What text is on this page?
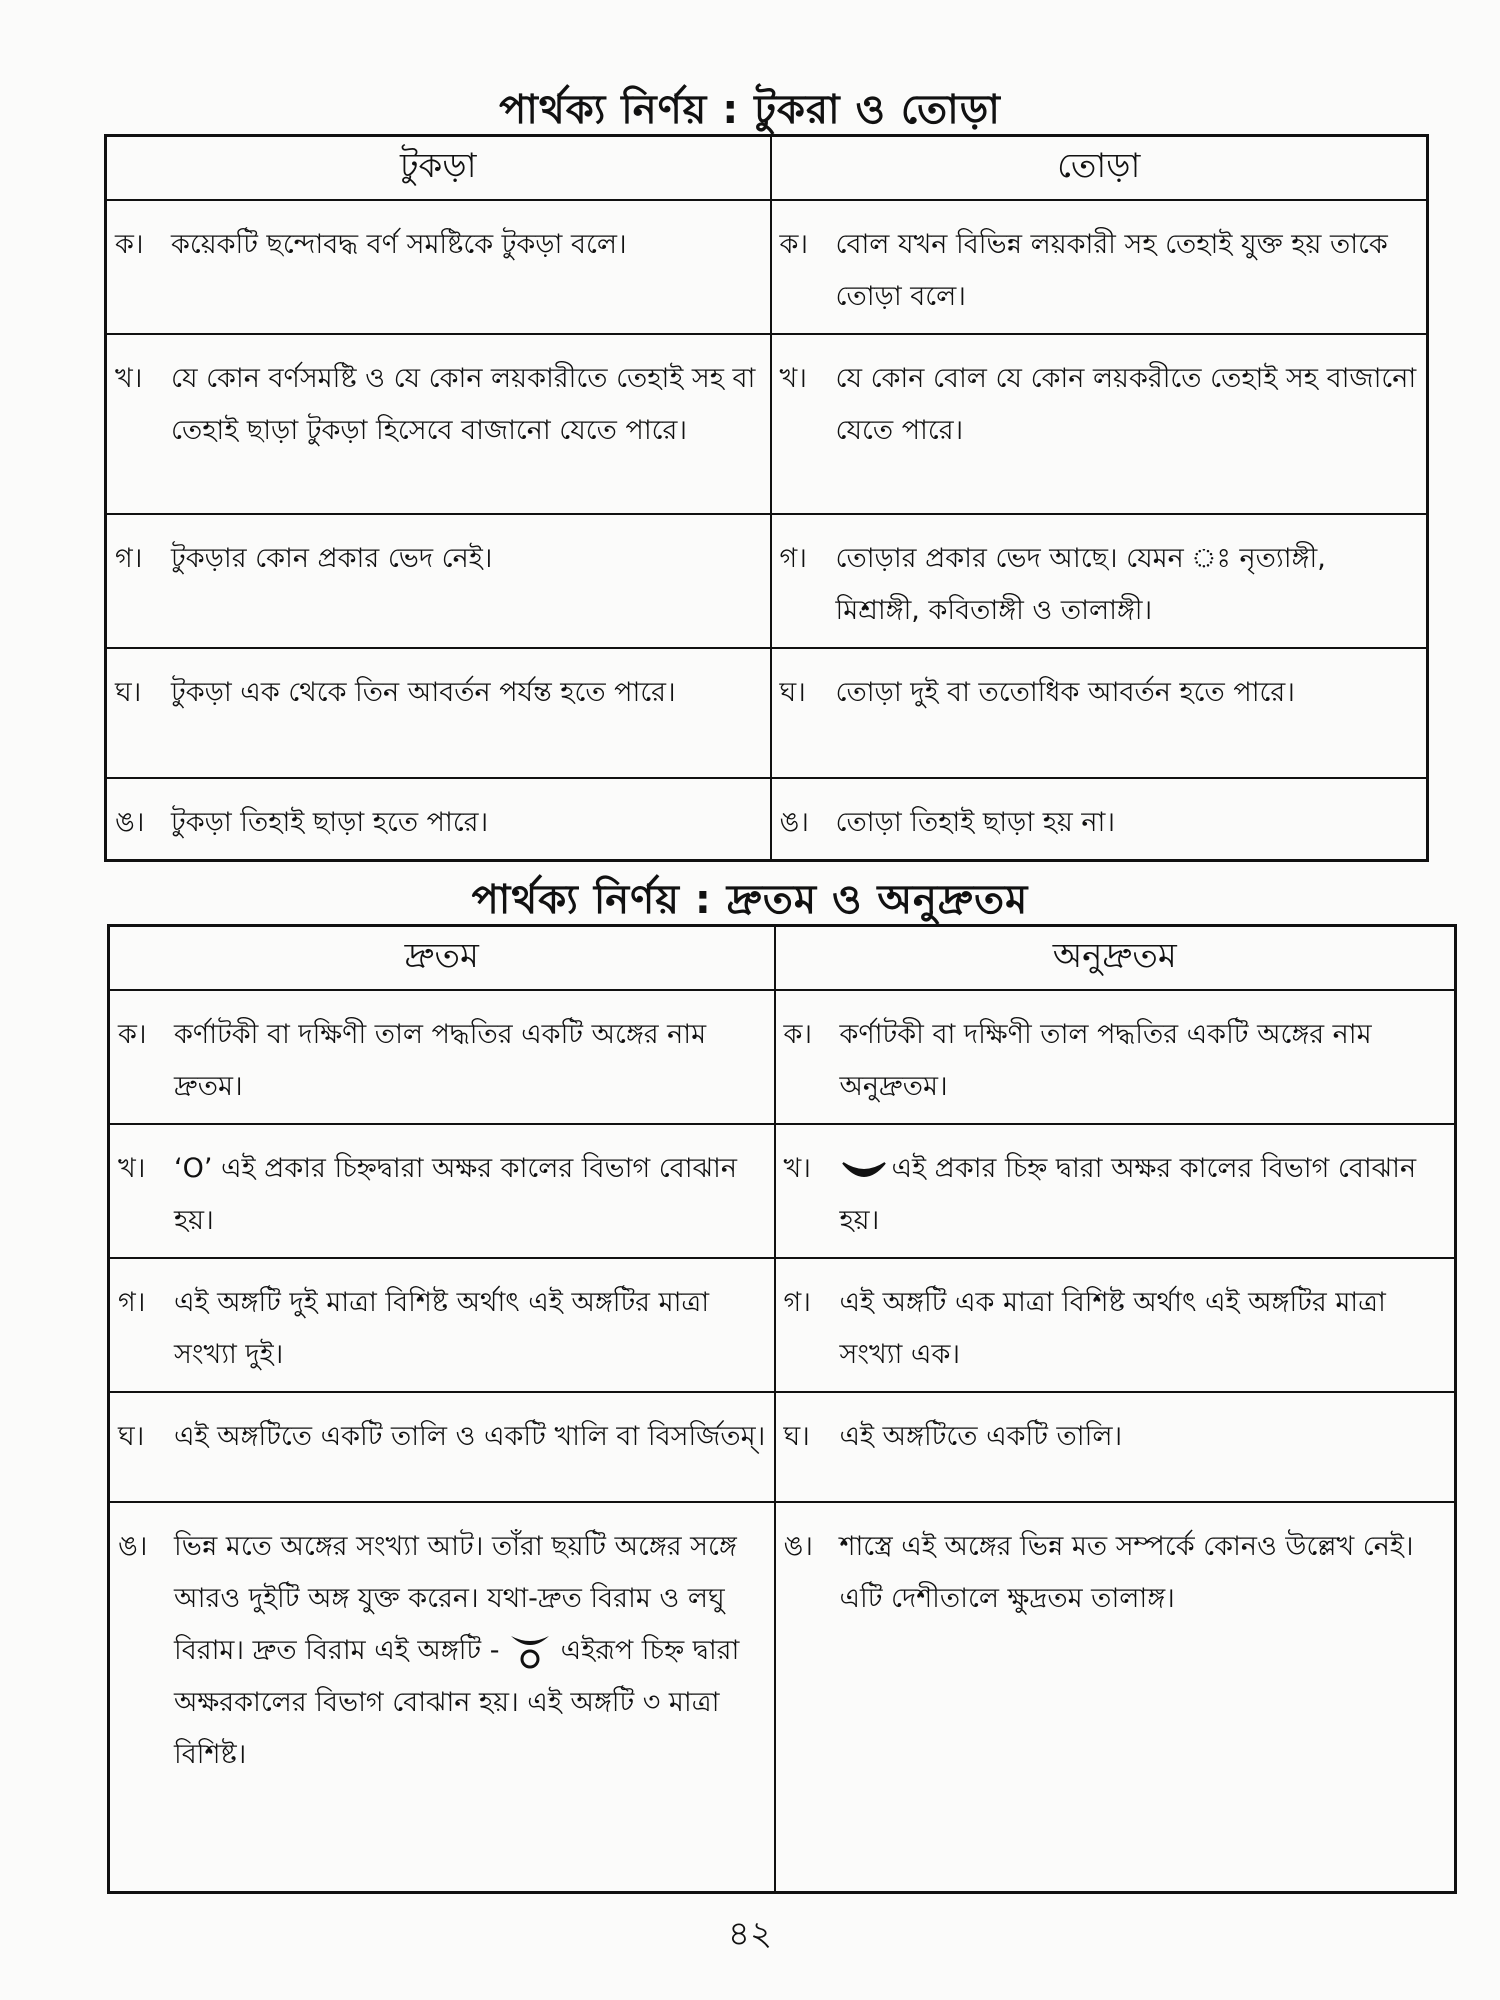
পার্থক্য নির্ণয় : টুকরা ও তোড়া
টুকড়া	তোড়া

ক। কয়েকটি ছন্দোবদ্ধ বর্ণ সমষ্টিকে টুকড়া বলে।	ক। বোল যখন বিভিন্ন লয়কারী সহ তেহাই যুক্ত হয় তাকে তোড়া বলে।

খ। যে কোন বর্ণসমষ্টি ও যে কোন লয়কারীতে তেহাই সহ বা তেহাই ছাড়া টুকড়া হিসেবে বাজানো যেতে পারে।	খ। যে কোন বোল যে কোন লয়করীতে তেহাই সহ বাজানো যেতে পারে।

গ। টুকড়ার কোন প্রকার ভেদ নেই।	গ। তোড়ার প্রকার ভেদ আছে। যেমন ঃ নৃত্যাঙ্গী, মিশ্রাঙ্গী, কবিতাঙ্গী ও তালাঙ্গী।

ঘ। টুকড়া এক থেকে তিন আবর্তন পর্যন্ত হতে পারে।	ঘ। তোড়া দুই বা ততোধিক আবর্তন হতে পারে।

ঙ। টুকড়া তিহাই ছাড়া হতে পারে।	ঙ। তোড়া তিহাই ছাড়া হয় না।
পার্থক্য নির্ণয় : দ্রুতম ও অনুদ্রুতম
দ্রুতম	অনুদ্রুতম

ক। কর্ণাটকী বা দক্ষিণী তাল পদ্ধতির একটি অঙ্গের নাম দ্রুতম।	ক। কর্ণাটকী বা দক্ষিণী তাল পদ্ধতির একটি অঙ্গের নাম অনুদ্রুতম।

খ। ‘O’ এই প্রকার চিহ্নদ্বারা অক্ষর কালের বিভাগ বোঝান হয়।	খ। এই প্রকার চিহ্ন দ্বারা অক্ষর কালের বিভাগ বোঝান হয়।

গ। এই অঙ্গটি দুই মাত্রা বিশিষ্ট অর্থাৎ এই অঙ্গটির মাত্রা সংখ্যা দুই।	গ। এই অঙ্গটি এক মাত্রা বিশিষ্ট অর্থাৎ এই অঙ্গটির মাত্রা সংখ্যা এক।

ঘ। এই অঙ্গটিতে একটি তালি ও একটি খালি বা বিসর্জিতম্।	ঘ। এই অঙ্গটিতে একটি তালি।

ঙ। ভিন্ন মতে অঙ্গের সংখ্যা আট। তাঁরা ছয়টি অঙ্গের সঙ্গে আরও দুইটি অঙ্গ যুক্ত করেন। যথা-দ্রুত বিরাম ও লঘু বিরাম। দ্রুত বিরাম এই অঙ্গটি - এইরূপ চিহ্ন দ্বারা অক্ষরকালের বিভাগ বোঝান হয়। এই অঙ্গটি ৩ মাত্রা বিশিষ্ট।	ঙ। শাস্ত্রে এই অঙ্গের ভিন্ন মত সম্পর্কে কোনও উল্লেখ নেই। এটি দেশীতালে ক্ষুদ্রতম তালাঙ্গ।
৪২
